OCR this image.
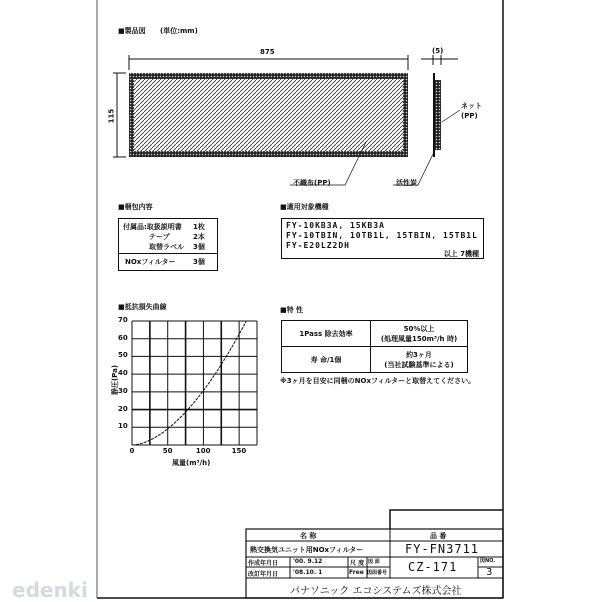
■製品図 (単位:mm)
875
115
(5)
不織布(PP)	活性炭
ネット
(PP)
■梱包内容
付属品:取扱説明書 1枚
テープ	2本
取替ラベル 3個
NOxフィルター	3個
■適用対象機種
FY-10KB3A, 15KB3A
FY-10TBIN, 10TB1L, 15TBIN, 15TB1L
FY-E20LZ2DH
以上 7機種
■特 性
1Pass 除去効率	50%以上
(処理風量150m³/h 時)

寿 命/1個	約3ヶ月
(当社試験基準による)
※3ヶ月を目安に同梱のNOxフィルターと取替えてください。
■抵抗損失曲線
静圧(Pa)
風量(m³/h)
10
20
30
40
50
60
70
0	50	100	150
名 称	品 番
熱交換気ユニット用NOxフィルター	FY-FN3711
作成年月日 '00. 9.12
改訂年月日 '08.10. 1
尺 度
Free
図 面
図面番号 CZ-171	図NO.
3
パナソニック エコシステムズ株式会社
edenki
